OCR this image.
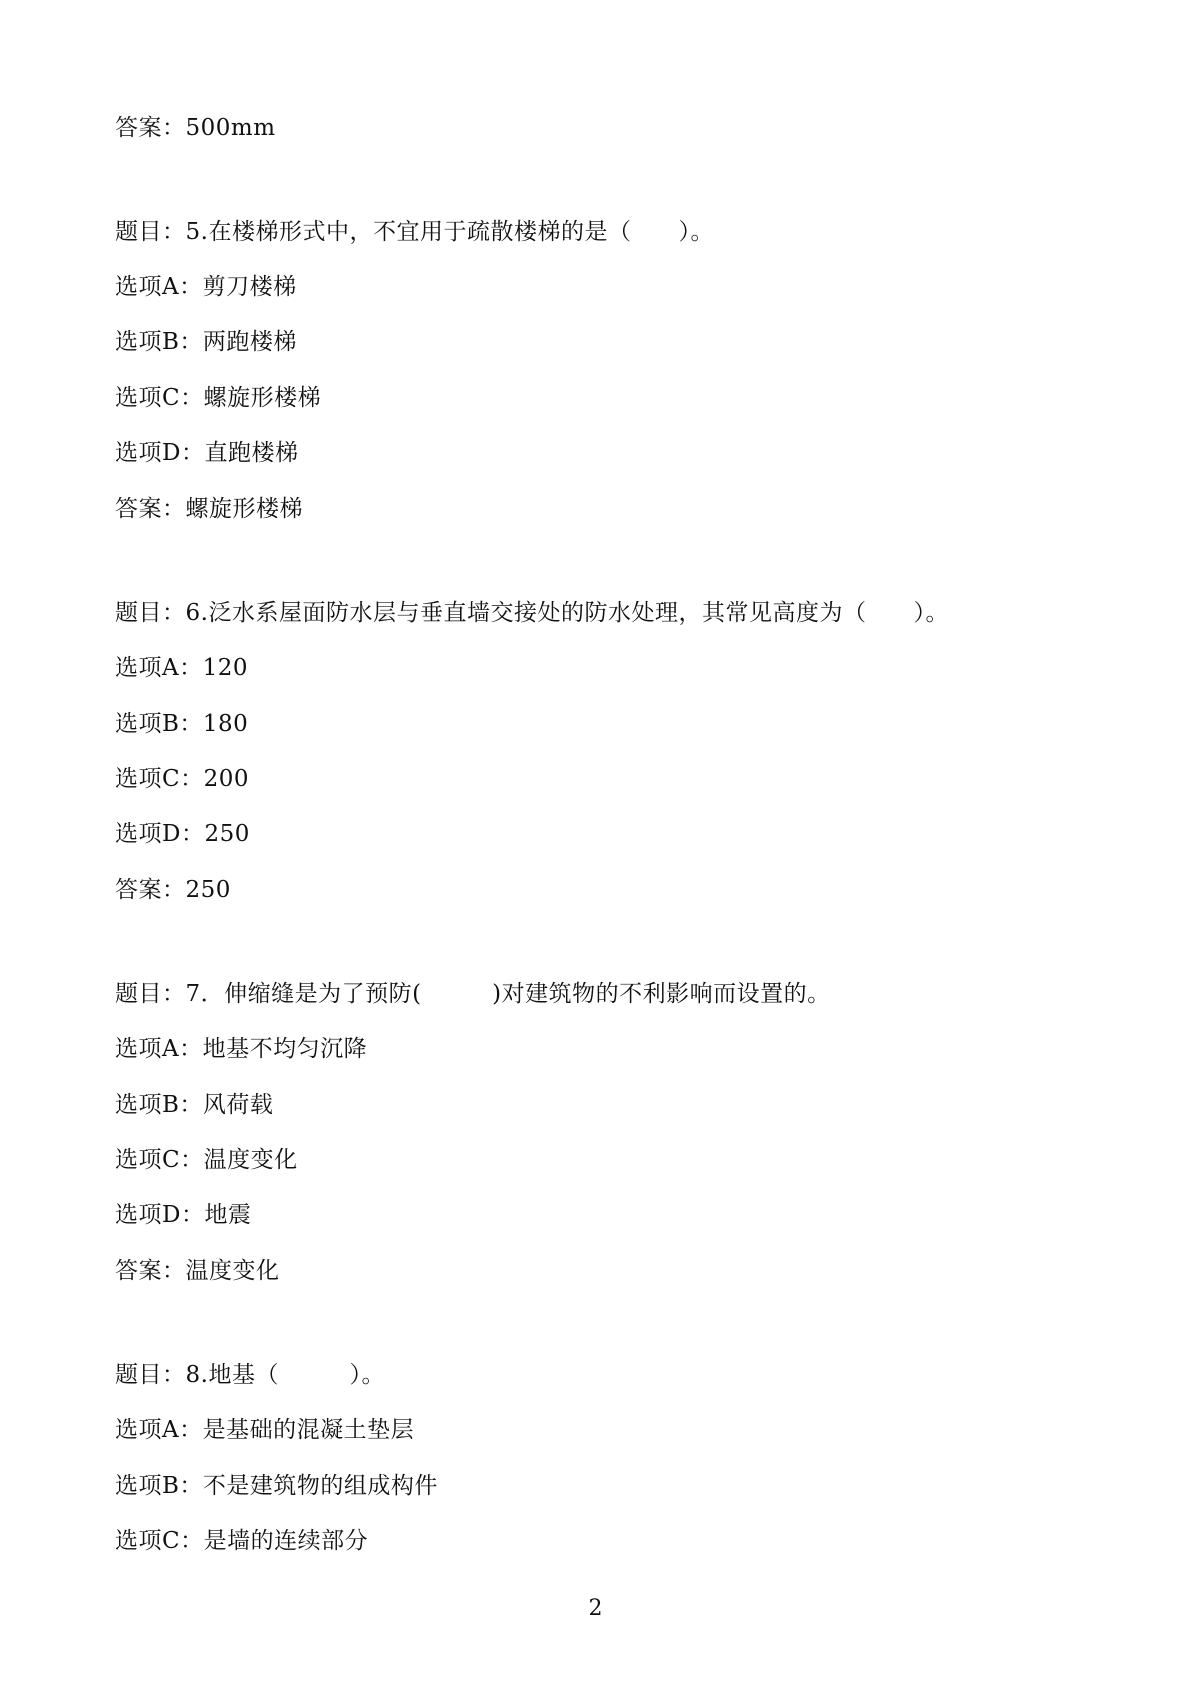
答案：500mm
题目：5.在楼梯形式中，不宜用于疏散楼梯的是（　　）。
选项A：剪刀楼梯
选项B：两跑楼梯
选项C：螺旋形楼梯
选项D：直跑楼梯
答案：螺旋形楼梯
题目：6.泛水系屋面防水层与垂直墙交接处的防水处理，其常见高度为（　　）。
选项A：120
选项B：180
选项C：200
选项D：250
答案：250
题目：7．伸缩缝是为了预防(　　　)对建筑物的不利影响而设置的。
选项A：地基不均匀沉降
选项B：风荷载
选项C：温度变化
选项D：地震
答案：温度变化
题目：8.地基（　　　）。
选项A：是基础的混凝土垫层
选项B：不是建筑物的组成构件
选项C：是墙的连续部分
2
